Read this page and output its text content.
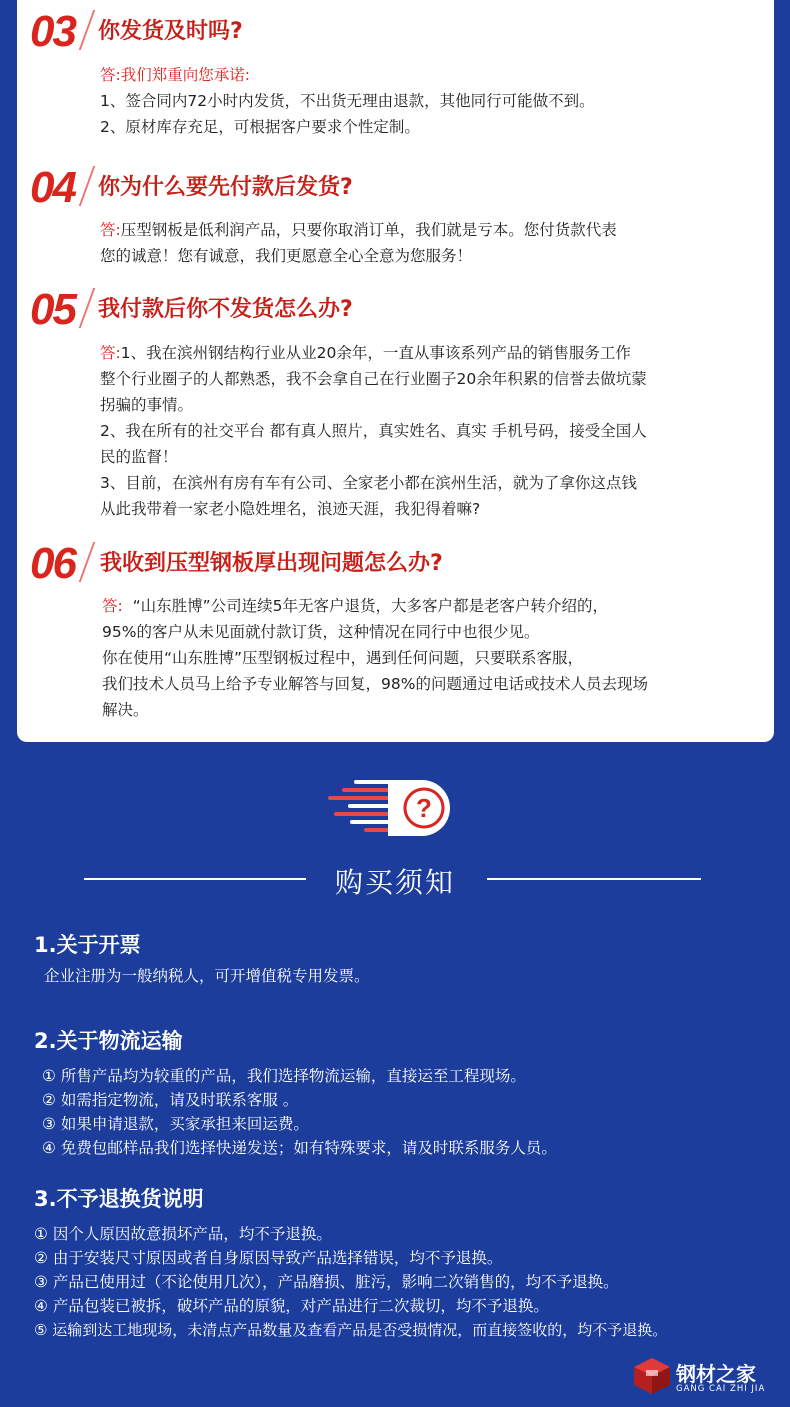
03 你发货及时吗?
答:我们郑重向您承诺:
1、签合同内72小时内发货，不出货无理由退款，其他同行可能做不到。
2、原材库存充足，可根据客户要求个性定制。
04 你为什么要先付款后发货?
答:压型钢板是低利润产品，只要你取消订单，我们就是亏本。您付货款代表
您的诚意！您有诚意，我们更愿意全心全意为您服务！
05 我付款后你不发货怎么办?
答:1、我在滨州钢结构行业从业20余年，一直从事该系列产品的销售服务工作
整个行业圈子的人都熟悉，我不会拿自己在行业圈子20余年积累的信誉去做坑蒙
拐骗的事情。
2、我在所有的社交平台 都有真人照片，真实姓名、真实 手机号码，接受全国人
民的监督！
3、目前，在滨州有房有车有公司、全家老小都在滨州生活，就为了拿你这点钱
从此我带着一家老小隐姓埋名，浪迹天涯，我犯得着嘛?
06 我收到压型钢板厚出现问题怎么办?
答: “山东胜博”公司连续5年无客户退货，大多客户都是老客户转介绍的，
95%的客户从未见面就付款订货，这种情况在同行中也很少见。
你在使用“山东胜博”压型钢板过程中，遇到任何问题，只要联系客服，
我们技术人员马上给予专业解答与回复，98%的问题通过电话或技术人员去现场
解决。
?
购买须知
1.关于开票
企业注册为一般纳税人，可开增值税专用发票。
2.关于物流运输
① 所售产品均为较重的产品，我们选择物流运输，直接运至工程现场。
② 如需指定物流，请及时联系客服 。
③ 如果申请退款，买家承担来回运费。
④ 免费包邮样品我们选择快递发送；如有特殊要求，请及时联系服务人员。
3.不予退换货说明
① 因个人原因故意损坏产品，均不予退换。
② 由于安装尺寸原因或者自身原因导致产品选择错误，均不予退换。
③ 产品已使用过（不论使用几次），产品磨损、脏污，影响二次销售的，均不予退换。
④ 产品包装已被拆，破坏产品的原貌，对产品进行二次裁切，均不予退换。
⑤ 运输到达工地现场，未清点产品数量及查看产品是否受损情况，而直接签收的，均不予退换。
钢材之家
GANG CAI ZHI JIA
